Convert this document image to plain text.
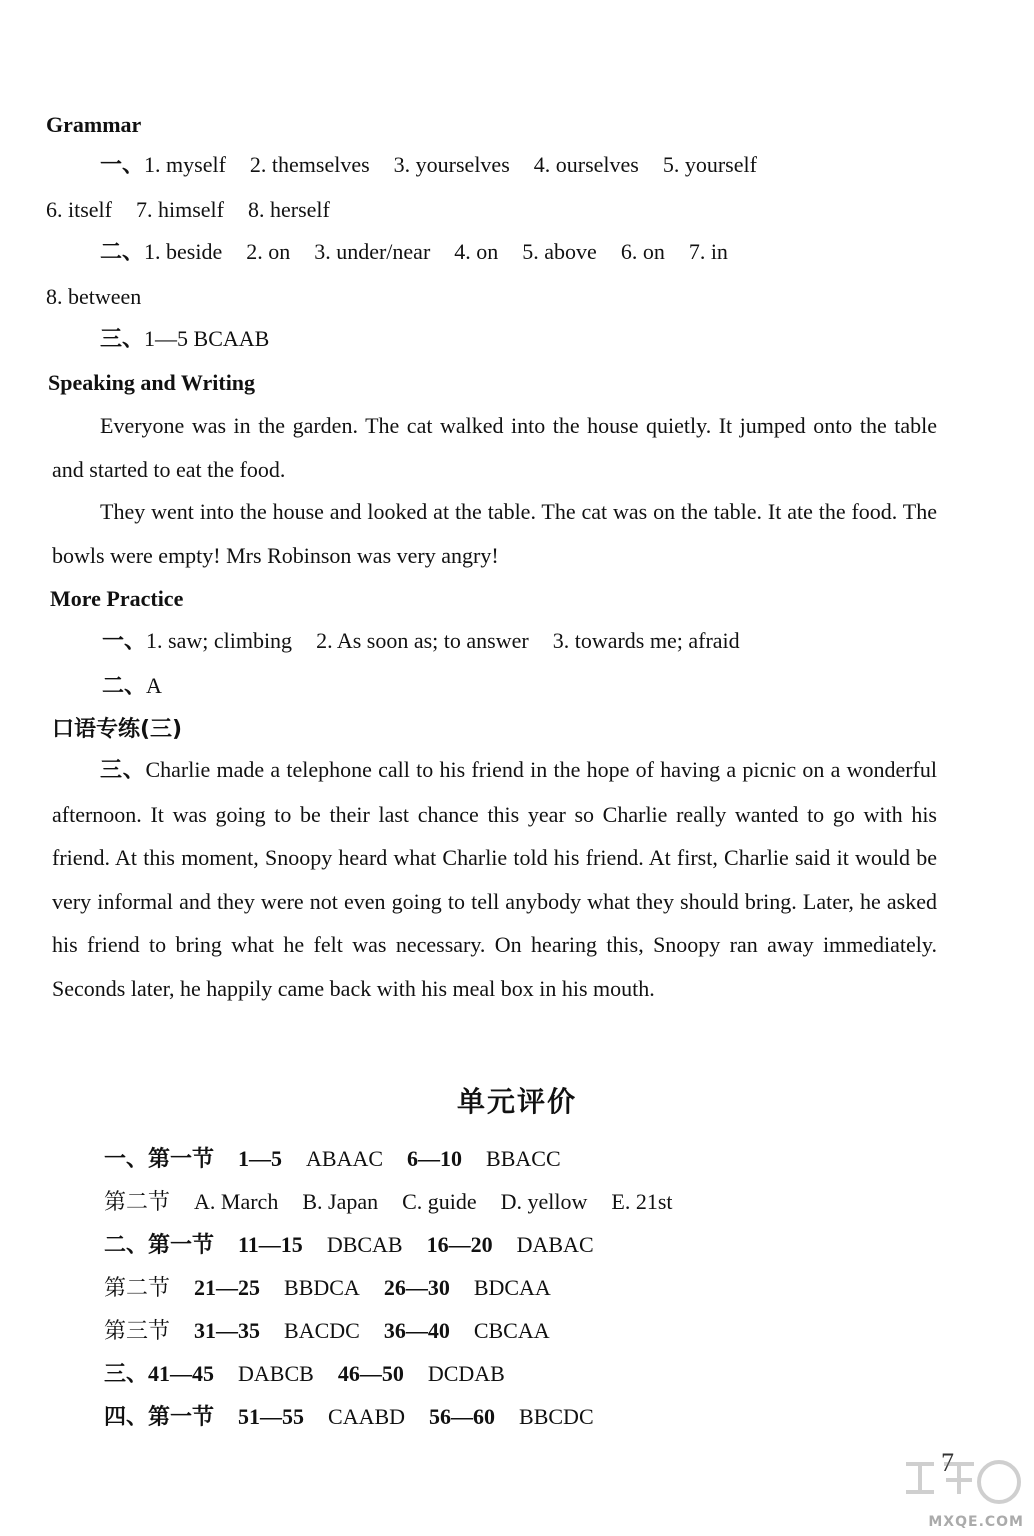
Grammar
一、1. myself 2. themselves 3. yourselves 4. ourselves 5. yourself
6. itself 7. himself 8. herself
二、1. beside 2. on 3. under/near 4. on 5. above 6. on 7. in
8. between
三、1—5 BCAAB
Speaking and Writing
Everyone was in the garden. The cat walked into the house quietly. It jumped onto the table and started to eat the food.
They went into the house and looked at the table. The cat was on the table. It ate the food. The bowls were empty! Mrs Robinson was very angry!
More Practice
一、1. saw; climbing 2. As soon as; to answer 3. towards me; afraid
二、A
口语专练(三)
三、Charlie made a telephone call to his friend in the hope of having a picnic on a wonderful afternoon. It was going to be their last chance this year so Charlie really wanted to go with his friend. At this moment, Snoopy heard what Charlie told his friend. At first, Charlie said it would be very informal and they were not even going to tell anybody what they should bring. Later, he asked his friend to bring what he felt was necessary. On hearing this, Snoopy ran away immediately. Seconds later, he happily came back with his meal box in his mouth.
单元评价
一、第一节 1—5 ABAAC 6—10 BBACC
第二节 A. March B. Japan C. guide D. yellow E. 21st
二、第一节 11—15 DBCAB 16—20 DABAC
第二节 21—25 BBDCA 26—30 BDCAA
第三节 31—35 BACDC 36—40 CBCAA
三、41—45 DABCB 46—50 DCDAB
四、第一节 51—55 CAABD 56—60 BBCDC
7
MXQE.COM
